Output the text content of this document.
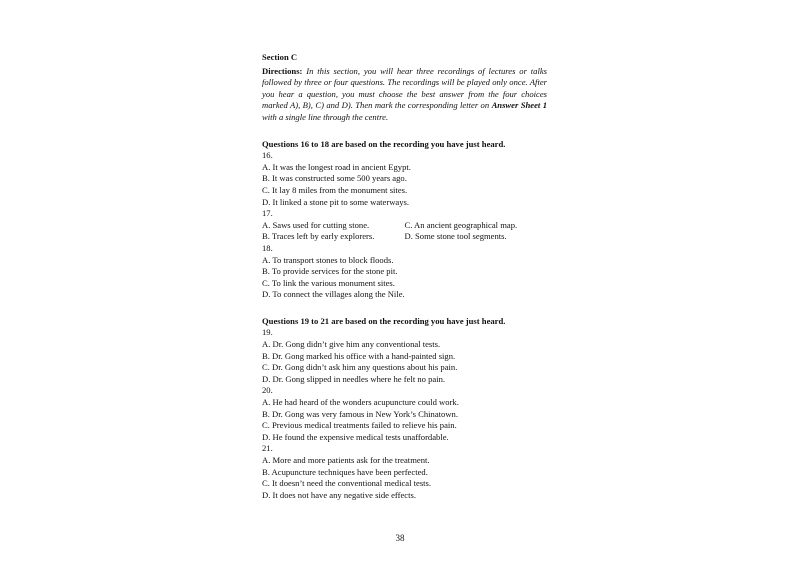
Section C

Directions: In this section, you will hear three recordings of lectures or talks followed by three or four questions. The recordings will be played only once. After you hear a question, you must choose the best answer from the four choices marked A), B), C) and D). Then mark the corresponding letter on Answer Sheet 1 with a single line through the centre.

Questions 16 to 18 are based on the recording you have just heard.

16.

A. It was the longest road in ancient Egypt.

B. It was constructed some 500 years ago.

C. It lay 8 miles from the monument sites.

D. It linked a stone pit to some waterways.

17.

A. Saws used for cutting stone.	C. An ancient geographical map.
B. Traces left by early explorers.	D. Some stone tool segments.

18.

A. To transport stones to block floods.

B. To provide services for the stone pit.

C. To link the various monument sites.

D. To connect the villages along the Nile.

Questions 19 to 21 are based on the recording you have just heard.

19.

A. Dr. Gong didn’t give him any conventional tests.

B. Dr. Gong marked his office with a hand-painted sign.

C. Dr. Gong didn’t ask him any questions about his pain.

D. Dr. Gong slipped in needles where he felt no pain.

20.

A. He had heard of the wonders acupuncture could work.

B. Dr. Gong was very famous in New York’s Chinatown.

C. Previous medical treatments failed to relieve his pain.

D. He found the expensive medical tests unaffordable.

21.

A. More and more patients ask for the treatment.

B. Acupuncture techniques have been perfected.

C. It doesn’t need the conventional medical tests.

D. It does not have any negative side effects.

38
